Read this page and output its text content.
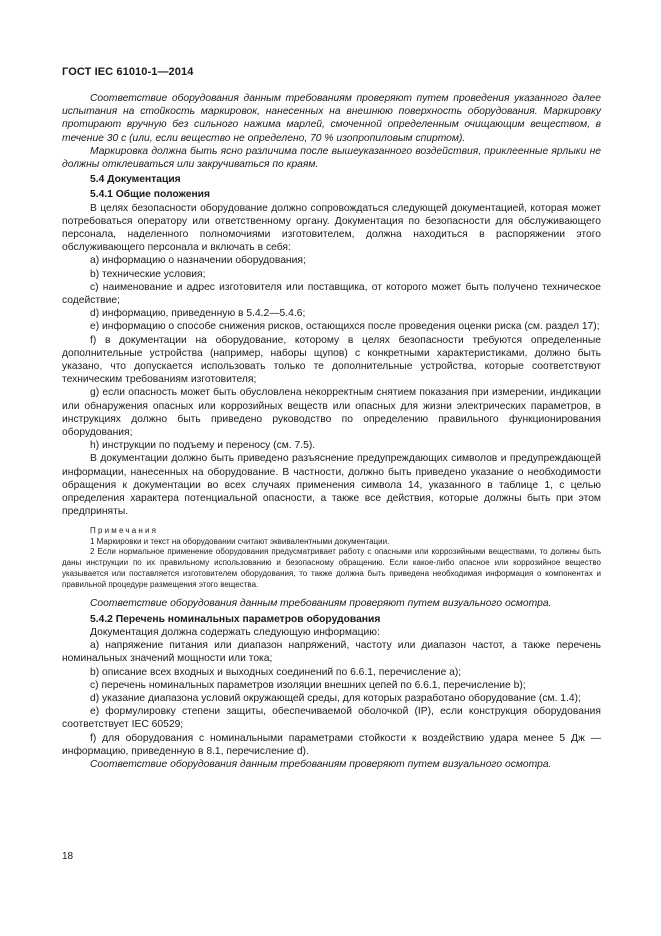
ГОСТ IEC 61010-1—2014

Соответствие оборудования данным требованиям проверяют путем проведения указанного далее испытания на стойкость маркировок, нанесенных на внешнюю поверхность оборудования. Маркировку протирают вручную без сильного нажима марлей, смоченной определенным очищающим веществом, в течение 30 с (или, если вещество не определено, 70 % изопропиловым спиртом).

Маркировка должна быть ясно различима после вышеуказанного воздействия, приклеенные ярлыки не должны отклеиваться или закручиваться по краям.

5.4 Документация
5.4.1 Общие положения

В целях безопасности оборудование должно сопровождаться следующей документацией, которая может потребоваться оператору или ответственному органу. Документация по безопасности для обслуживающего персонала, наделенного полномочиями изготовителем, должна находиться в распоряжении этого обслуживающего персонала и включать в себя:

a) информацию о назначении оборудования;

b) технические условия;

c) наименование и адрес изготовителя или поставщика, от которого может быть получено техническое содействие;

d) информацию, приведенную в 5.4.2—5.4.6;

e) информацию о способе снижения рисков, остающихся после проведения оценки риска (см. раздел 17);

f) в документации на оборудование, которому в целях безопасности требуются определенные дополнительные устройства (например, наборы щупов) с конкретными характеристиками, должно быть указано, что допускается использовать только те дополнительные устройства, которые соответствуют техническим требованиям изготовителя;

g) если опасность может быть обусловлена некорректным снятием показания при измерении, индикации или обнаружения опасных или коррозийных веществ или опасных для жизни электрических параметров, в инструкциях должно быть приведено руководство по определению правильного функционирования оборудования;

h) инструкции по подъему и переносу (см. 7.5).

В документации должно быть приведено разъяснение предупреждающих символов и предупреждающей информации, нанесенных на оборудование. В частности, должно быть приведено указание о необходимости обращения к документации во всех случаях применения символа 14, указанного в таблице 1, с целью определения характера потенциальной опасности, а также все действия, которые должны быть при этом предприняты.

Примечания

1 Маркировки и текст на оборудовании считают эквивалентными документации.

2 Если нормальное применение оборудования предусматривает работу с опасными или коррозийными веществами, то должны быть даны инструкции по их правильному использованию и безопасному обращению. Если какое-либо опасное или коррозийное вещество указывается или поставляется изготовителем оборудования, то также должна быть приведена необходимая информация о компонентах и правильной процедуре размещения этого вещества.

Соответствие оборудования данным требованиям проверяют путем визуального осмотра.

5.4.2 Перечень номинальных параметров оборудования

Документация должна содержать следующую информацию:

a) напряжение питания или диапазон напряжений, частоту или диапазон частот, а также перечень номинальных значений мощности или тока;

b) описание всех входных и выходных соединений по 6.6.1, перечисление a);

c) перечень номинальных параметров изоляции внешних цепей по 6.6.1, перечисление b);

d) указание диапазона условий окружающей среды, для которых разработано оборудование (см. 1.4);

e) формулировку степени защиты, обеспечиваемой оболочкой (IP), если конструкция оборудования соответствует IEC 60529;

f) для оборудования с номинальными параметрами стойкости к воздействию удара менее 5 Дж — информацию, приведенную в 8.1, перечисление d).

Соответствие оборудования данным требованиям проверяют путем визуального осмотра.

18
